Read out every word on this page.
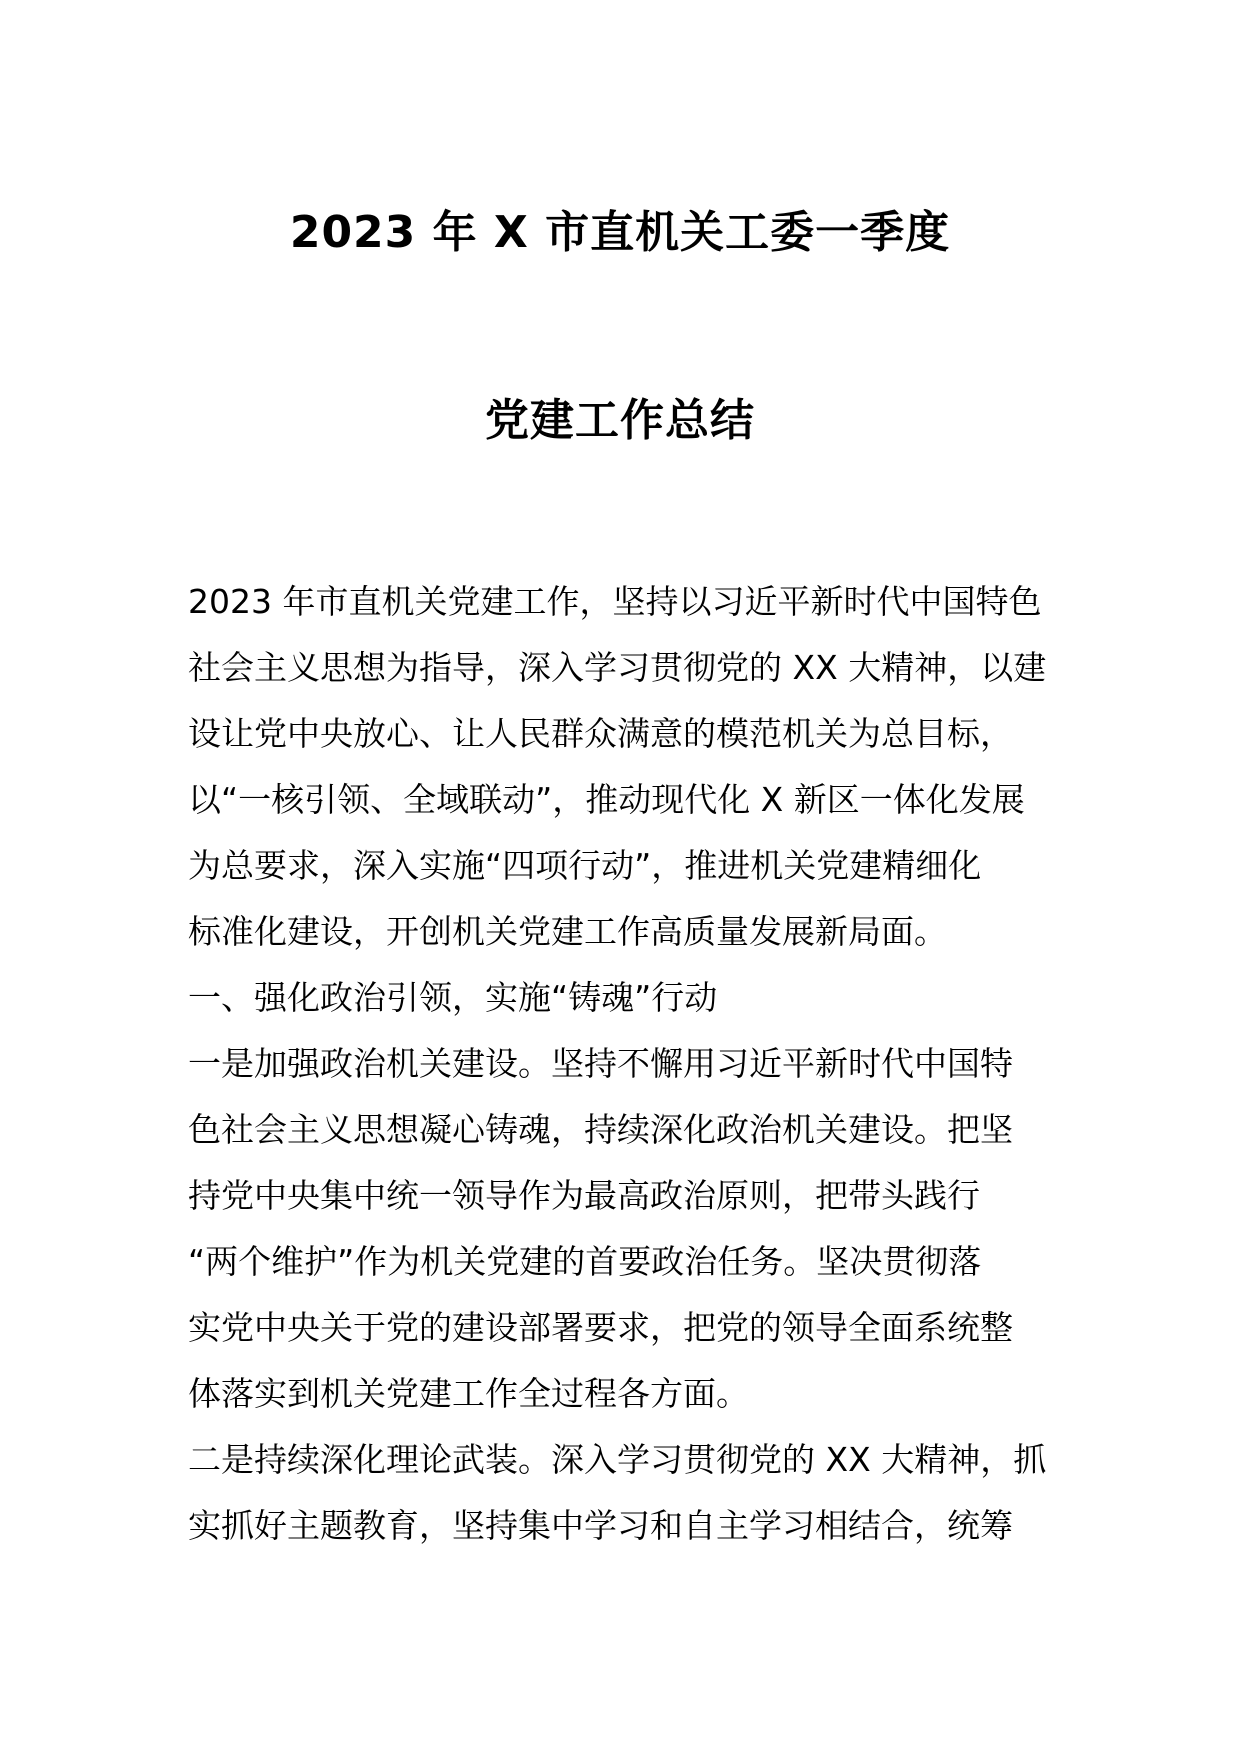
2023 年 X 市直机关工委一季度
党建工作总结
2023 年市直机关党建工作，坚持以习近平新时代中国特色
社会主义思想为指导，深入学习贯彻党的 XX 大精神，以建
设让党中央放心、让人民群众满意的模范机关为总目标，
以“一核引领、全域联动”，推动现代化 X 新区一体化发展
为总要求，深入实施“四项行动”，推进机关党建精细化
标准化建设，开创机关党建工作高质量发展新局面。
一、强化政治引领，实施“铸魂”行动
一是加强政治机关建设。坚持不懈用习近平新时代中国特
色社会主义思想凝心铸魂，持续深化政治机关建设。把坚
持党中央集中统一领导作为最高政治原则，把带头践行
“两个维护”作为机关党建的首要政治任务。坚决贯彻落
实党中央关于党的建设部署要求，把党的领导全面系统整
体落实到机关党建工作全过程各方面。
二是持续深化理论武装。深入学习贯彻党的 XX 大精神，抓
实抓好主题教育，坚持集中学习和自主学习相结合，统筹
